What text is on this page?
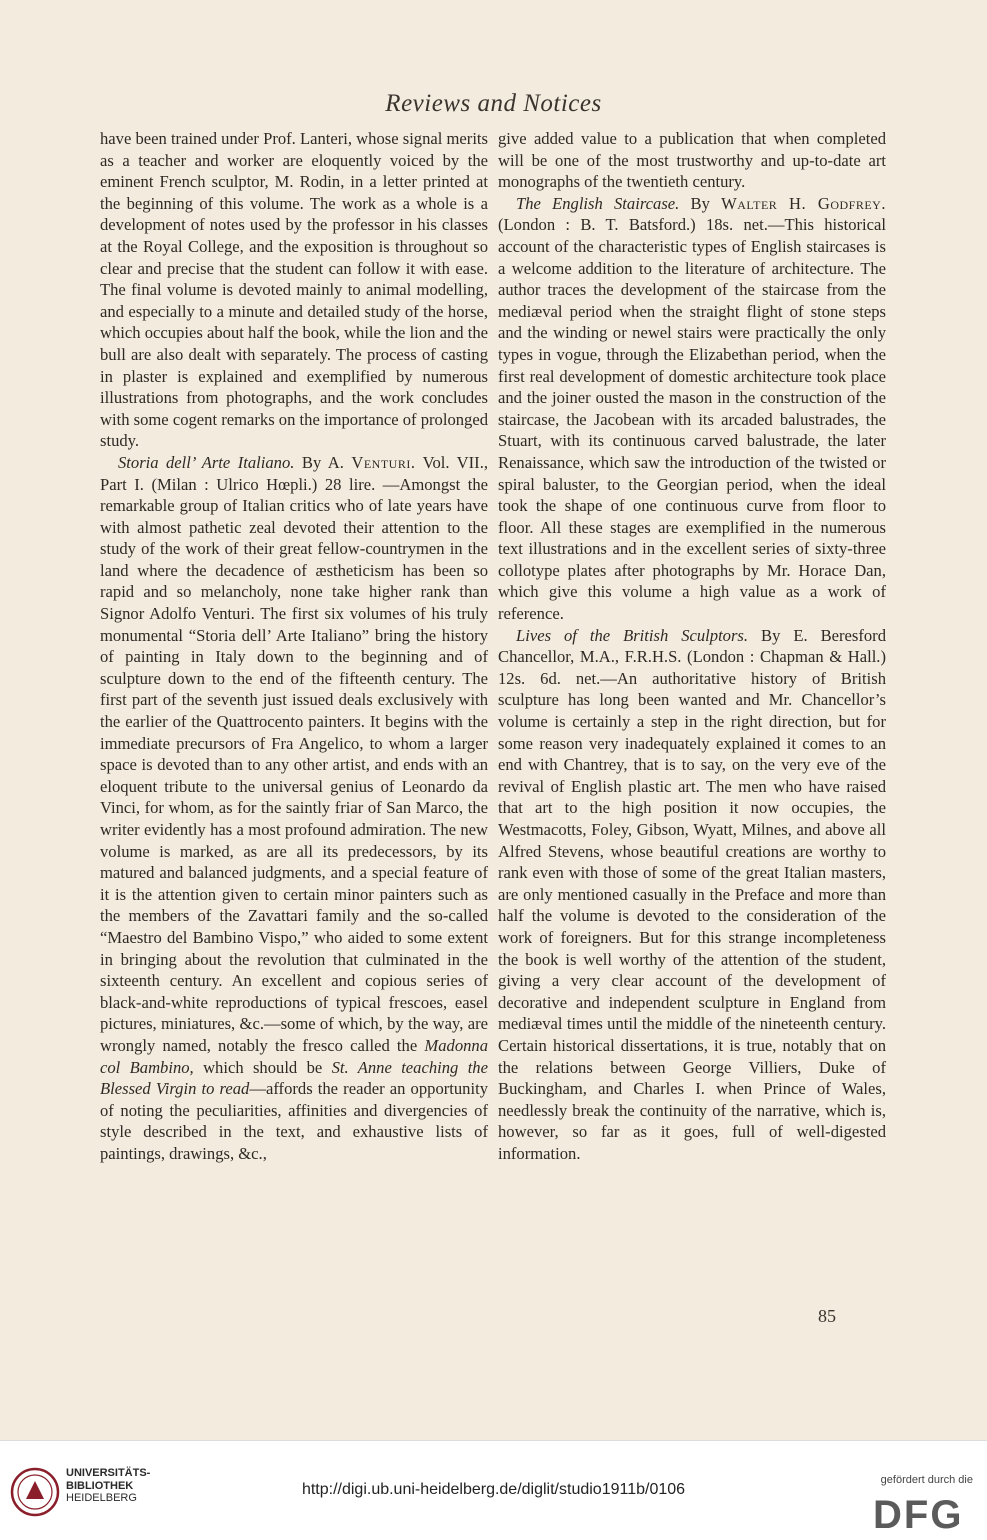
Reviews and Notices

have been trained under Prof. Lanteri, whose signal merits as a teacher and worker are eloquently voiced by the eminent French sculptor, M. Rodin, in a letter printed at the beginning of this volume. The work as a whole is a development of notes used by the professor in his classes at the Royal College, and the exposition is throughout so clear and precise that the student can follow it with ease. The final volume is devoted mainly to animal modelling, and especially to a minute and detailed study of the horse, which occupies about half the book, while the lion and the bull are also dealt with separately. The process of casting in plaster is explained and exemplified by numerous illustrations from photographs, and the work concludes with some cogent remarks on the importance of prolonged study.

Storia dell’ Arte Italiano. By A. Venturi. Vol. VII., Part I. (Milan : Ulrico Hœpli.) 28 lire. —Amongst the remarkable group of Italian critics who of late years have with almost pathetic zeal devoted their attention to the study of the work of their great fellow-countrymen in the land where the decadence of æstheticism has been so rapid and so melancholy, none take higher rank than Signor Adolfo Venturi. The first six volumes of his truly monumental “Storia dell’ Arte Italiano” bring the history of painting in Italy down to the beginning and of sculpture down to the end of the fifteenth century. The first part of the seventh just issued deals exclusively with the earlier of the Quattrocento painters. It begins with the immediate precursors of Fra Angelico, to whom a larger space is devoted than to any other artist, and ends with an eloquent tribute to the universal genius of Leonardo da Vinci, for whom, as for the saintly friar of San Marco, the writer evidently has a most profound admiration. The new volume is marked, as are all its predecessors, by its matured and balanced judgments, and a special feature of it is the attention given to certain minor painters such as the members of the Zavattari family and the so-called “Maestro del Bambino Vispo,” who aided to some extent in bringing about the revolution that culminated in the sixteenth century. An excellent and copious series of black-and-white reproductions of typical frescoes, easel pictures, miniatures, &c.—some of which, by the way, are wrongly named, notably the fresco called the Madonna col Bambino, which should be St. Anne teaching the Blessed Virgin to read—affords the reader an opportunity of noting the peculiarities, affinities and divergencies of style described in the text, and exhaustive lists of paintings, drawings, &c.,

give added value to a publication that when completed will be one of the most trustworthy and up-to-date art monographs of the twentieth century.

The English Staircase. By Walter H. Godfrey. (London : B. T. Batsford.) 18s. net.—This historical account of the characteristic types of English staircases is a welcome addition to the literature of architecture. The author traces the development of the staircase from the mediæval period when the straight flight of stone steps and the winding or newel stairs were practically the only types in vogue, through the Elizabethan period, when the first real development of domestic architecture took place and the joiner ousted the mason in the construction of the staircase, the Jacobean with its arcaded balustrades, the Stuart, with its continuous carved balustrade, the later Renaissance, which saw the introduction of the twisted or spiral baluster, to the Georgian period, when the ideal took the shape of one continuous curve from floor to floor. All these stages are exemplified in the numerous text illustrations and in the excellent series of sixty-three collotype plates after photographs by Mr. Horace Dan, which give this volume a high value as a work of reference.

Lives of the British Sculptors. By E. Beresford Chancellor, M.A., F.R.H.S. (London : Chapman & Hall.) 12s. 6d. net.—An authoritative history of British sculpture has long been wanted and Mr. Chancellor’s volume is certainly a step in the right direction, but for some reason very inadequately explained it comes to an end with Chantrey, that is to say, on the very eve of the revival of English plastic art. The men who have raised that art to the high position it now occupies, the Westmacotts, Foley, Gibson, Wyatt, Milnes, and above all Alfred Stevens, whose beautiful creations are worthy to rank even with those of some of the great Italian masters, are only mentioned casually in the Preface and more than half the volume is devoted to the consideration of the work of foreigners. But for this strange incompleteness the book is well worthy of the attention of the student, giving a very clear account of the development of decorative and independent sculpture in England from mediæval times until the middle of the nineteenth century. Certain historical dissertations, it is true, notably that on the relations between George Villiers, Duke of Buckingham, and Charles I. when Prince of Wales, needlessly break the continuity of the narrative, which is, however, so far as it goes, full of well-digested information.

85
UNIVERSITÄTS-
BIBLIOTHEK
HEIDELBERG	http://digi.ub.uni-heidelberg.de/diglit/studio1911b/0106
gefördert durch die
DFG
